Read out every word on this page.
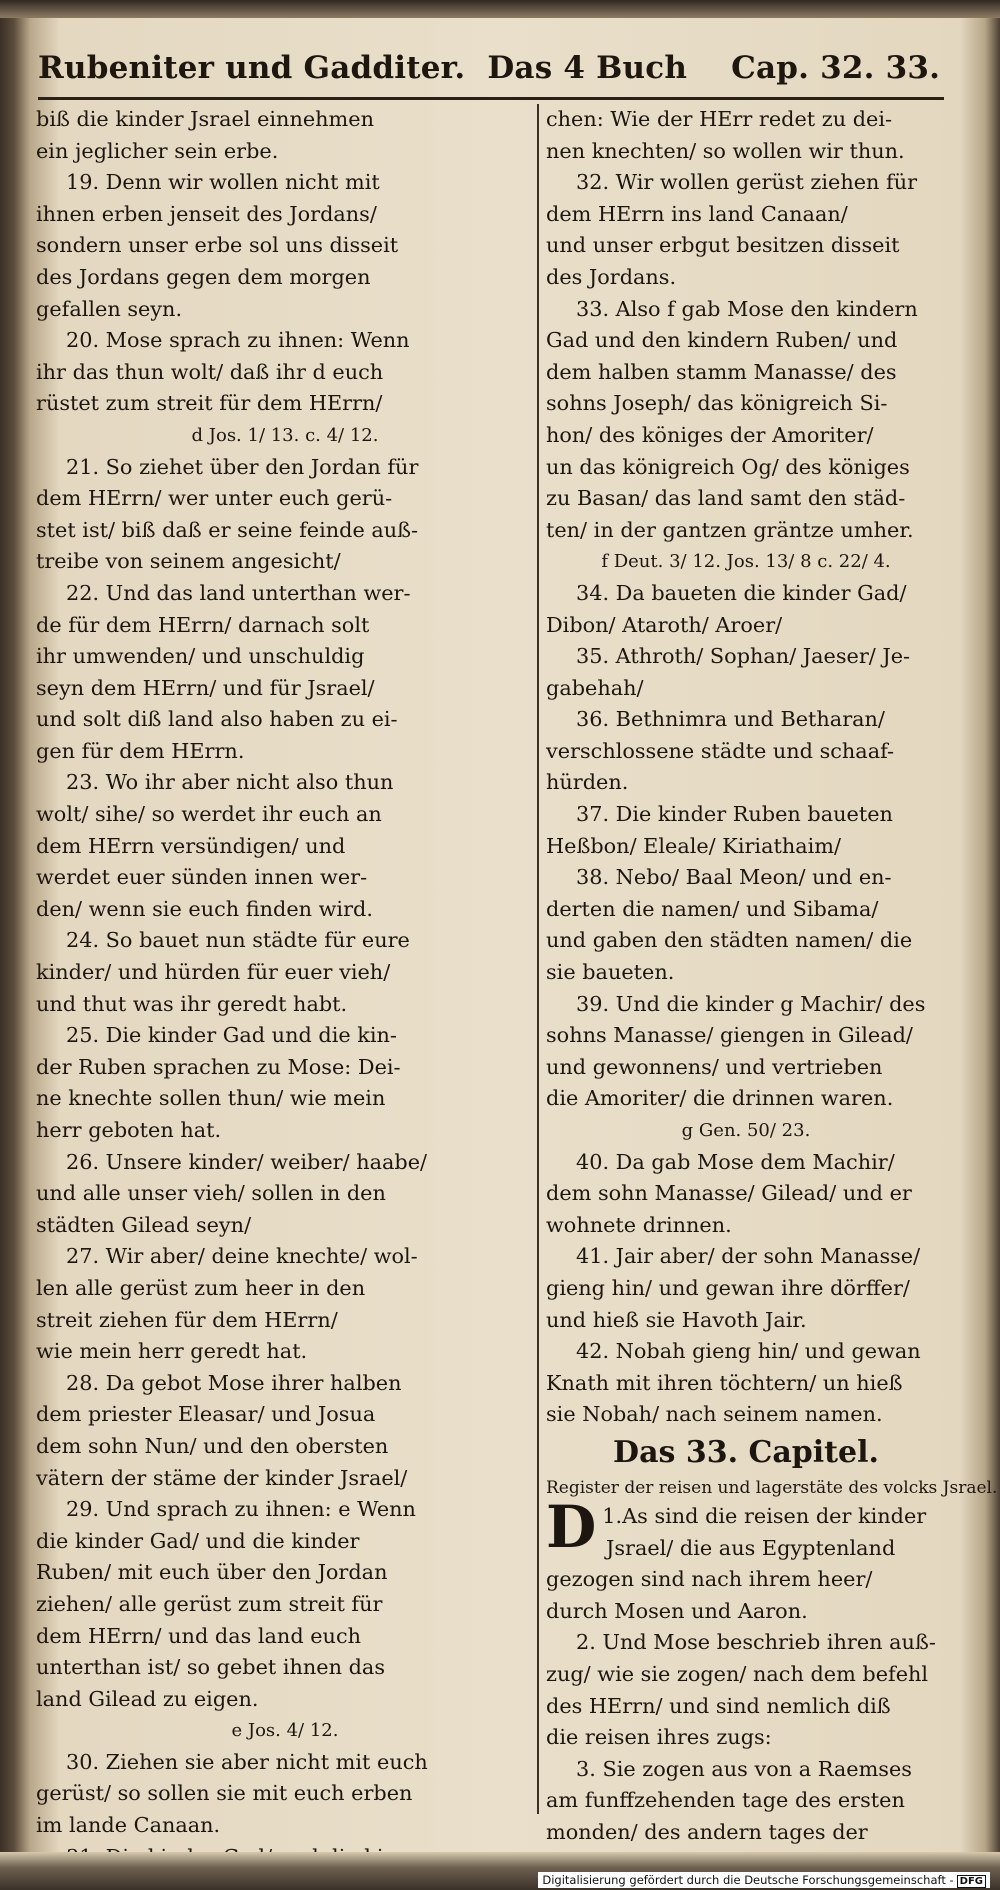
Rubeniter und Gadditer. Das 4 Buch Cap. 32. 33.

biß die kinder Jsrael einnehmen

ein jeglicher sein erbe.

19. Denn wir wollen nicht mit

ihnen erben jenseit des Jordans/

sondern unser erbe sol uns disseit

des Jordans gegen dem morgen

gefallen seyn.

20. Mose sprach zu ihnen: Wenn

ihr das thun wolt/ daß ihr d euch

rüstet zum streit für dem HErrn/

d Jos. 1/ 13. c. 4/ 12.

21. So ziehet über den Jordan für

dem HErrn/ wer unter euch gerü-

stet ist/ biß daß er seine feinde auß-

treibe von seinem angesicht/

22. Und das land unterthan wer-

de für dem HErrn/ darnach solt

ihr umwenden/ und unschuldig

seyn dem HErrn/ und für Jsrael/

und solt diß land also haben zu ei-

gen für dem HErrn.

23. Wo ihr aber nicht also thun

wolt/ sihe/ so werdet ihr euch an

dem HErrn versündigen/ und

werdet euer sünden innen wer-

den/ wenn sie euch finden wird.

24. So bauet nun städte für eure

kinder/ und hürden für euer vieh/

und thut was ihr geredt habt.

25. Die kinder Gad und die kin-

der Ruben sprachen zu Mose: Dei-

ne knechte sollen thun/ wie mein

herr geboten hat.

26. Unsere kinder/ weiber/ haabe/

und alle unser vieh/ sollen in den

städten Gilead seyn/

27. Wir aber/ deine knechte/ wol-

len alle gerüst zum heer in den

streit ziehen für dem HErrn/

wie mein herr geredt hat.

28. Da gebot Mose ihrer halben

dem priester Eleasar/ und Josua

dem sohn Nun/ und den obersten

vätern der stäme der kinder Jsrael/

29. Und sprach zu ihnen: e Wenn

die kinder Gad/ und die kinder

Ruben/ mit euch über den Jordan

ziehen/ alle gerüst zum streit für

dem HErrn/ und das land euch

unterthan ist/ so gebet ihnen das

land Gilead zu eigen.

e Jos. 4/ 12.

30. Ziehen sie aber nicht mit euch

gerüst/ so sollen sie mit euch erben

im lande Canaan.

chen: Wie der HErr redet zu dei-

nen knechten/ so wollen wir thun.

32. Wir wollen gerüst ziehen für

dem HErrn ins land Canaan/

und unser erbgut besitzen disseit

des Jordans.

33. Also f gab Mose den kindern

Gad und den kindern Ruben/ und

dem halben stamm Manasse/ des

sohns Joseph/ das königreich Si-

hon/ des königes der Amoriter/

un das königreich Og/ des königes

zu Basan/ das land samt den städ-

ten/ in der gantzen gräntze umher.

f Deut. 3/ 12. Jos. 13/ 8 c. 22/ 4.

34. Da baueten die kinder Gad/

Dibon/ Ataroth/ Aroer/

35. Athroth/ Sophan/ Jaeser/ Je-

gabehah/

36. Bethnimra und Betharan/

verschlossene städte und schaaf-

hürden.

37. Die kinder Ruben baueten

Heßbon/ Eleale/ Kiriathaim/

38. Nebo/ Baal Meon/ und en-

derten die namen/ und Sibama/

und gaben den städten namen/ die

sie baueten.

39. Und die kinder g Machir/ des

sohns Manasse/ giengen in Gilead/

und gewonnens/ und vertrieben

die Amoriter/ die drinnen waren.

g Gen. 50/ 23.

40. Da gab Mose dem Machir/

dem sohn Manasse/ Gilead/ und er

wohnete drinnen.

41. Jair aber/ der sohn Manasse/

gieng hin/ und gewan ihre dörffer/

und hieß sie Havoth Jair.

42. Nobah gieng hin/ und gewan

Knath mit ihren töchtern/ un hieß

sie Nobah/ nach seinem namen.

Das 33. Capitel.

Register der reisen und lagerstäte des volcks Jsrael.

1.
D As sind die reisen der kinder

Jsrael/ die aus Egyptenland

gezogen sind nach ihrem heer/

durch Mosen und Aaron.

2. Und Mose beschrieb ihren auß-

zug/ wie sie zogen/ nach dem befehl

des HErrn/ und sind nemlich diß

die reisen ihres zugs:

3. Sie zogen aus von a Raemses

am funffzehenden tage des ersten

monden/ des andern tages der

Digitalisierung gefördert durch die Deutsche Forschungsgemeinschaft - DFG
